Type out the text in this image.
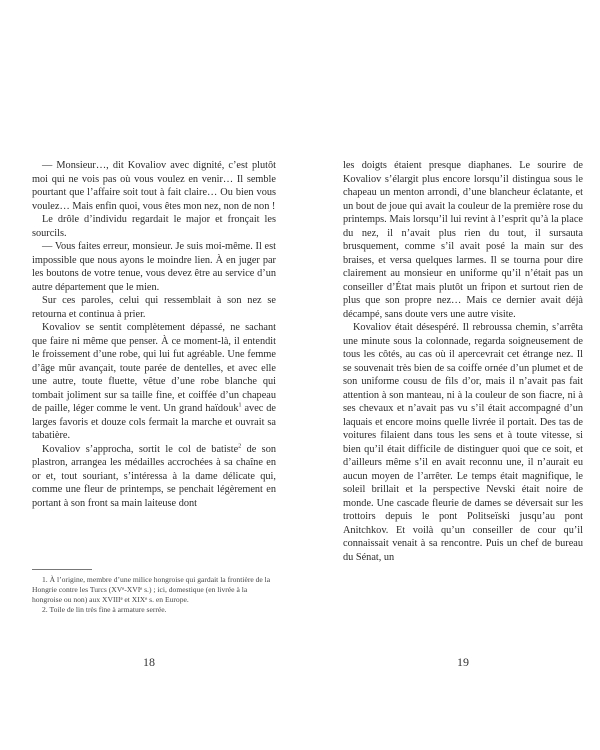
— Monsieur…, dit Kovaliov avec dignité, c’est plutôt moi qui ne vois pas où vous voulez en venir… Il semble pourtant que l’affaire soit tout à fait claire… Ou bien vous voulez… Mais enfin quoi, vous êtes mon nez, non de non !

Le drôle d’individu regardait le major et fronçait les sourcils.

— Vous faites erreur, monsieur. Je suis moi-même. Il est impossible que nous ayons le moindre lien. À en juger par les boutons de votre tenue, vous devez être au service d’un autre département que le mien.

Sur ces paroles, celui qui ressemblait à son nez se retourna et continua à prier.

Kovaliov se sentit complètement dépassé, ne sachant que faire ni même que penser. À ce moment-là, il entendit le froissement d’une robe, qui lui fut agréable. Une femme d’âge mûr avançait, toute parée de dentelles, et avec elle une autre, toute fluette, vêtue d’une robe blanche qui tombait joliment sur sa taille fine, et coiffée d’un chapeau de paille, léger comme le vent. Un grand haïdouk$^1$ avec de larges favoris et douze cols fermait la marche et ouvrait sa tabatière.

Kovaliov s’approcha, sortit le col de batiste$^2$ de son plastron, arrangea les médailles accrochées à sa chaîne en or et, tout souriant, s’intéressa à la dame délicate qui, comme une fleur de printemps, se penchait légèrement en portant à son front sa main laiteuse dont

1. À l’origine, membre d’une milice hongroise qui gardait la frontière de la Hongrie contre les Turcs (XVᵉ-XVIᵉ s.) ; ici, domestique (en livrée à la hongroise ou non) aux XVIIIᵉ et XIXᵉ s. en Europe.

2. Toile de lin très fine à armature serrée.

18

les doigts étaient presque diaphanes. Le sourire de Kovaliov s’élargit plus encore lorsqu’il distingua sous le chapeau un menton arrondi, d’une blancheur éclatante, et un bout de joue qui avait la couleur de la première rose du printemps. Mais lorsqu’il lui revint à l’esprit qu’à la place du nez, il n’avait plus rien du tout, il sursauta brusquement, comme s’il avait posé la main sur des braises, et versa quelques larmes. Il se tourna pour dire clairement au monsieur en uniforme qu’il n’était pas un conseiller d’État mais plutôt un fripon et surtout rien de plus que son propre nez… Mais ce dernier avait déjà décampé, sans doute vers une autre visite.

Kovaliov était désespéré. Il rebroussa chemin, s’arrêta une minute sous la colonnade, regarda soigneusement de tous les côtés, au cas où il apercevrait cet étrange nez. Il se souvenait très bien de sa coiffe ornée d’un plumet et de son uniforme cousu de fils d’or, mais il n’avait pas fait attention à son manteau, ni à la couleur de son fiacre, ni à ses chevaux et n’avait pas vu s’il était accompagné d’un laquais et encore moins quelle livrée il portait. Des tas de voitures filaient dans tous les sens et à toute vitesse, si bien qu’il était difficile de distinguer quoi que ce soit, et d’ailleurs même s’il en avait reconnu une, il n’aurait eu aucun moyen de l’arrêter. Le temps était magnifique, le soleil brillait et la perspective Nevski était noire de monde. Une cascade fleurie de dames se déversait sur les trottoirs depuis le pont Politseïski jusqu’au pont Anitchkov. Et voilà qu’un conseiller de cour qu’il connaissait venait à sa rencontre. Puis un chef de bureau du Sénat, un

19
